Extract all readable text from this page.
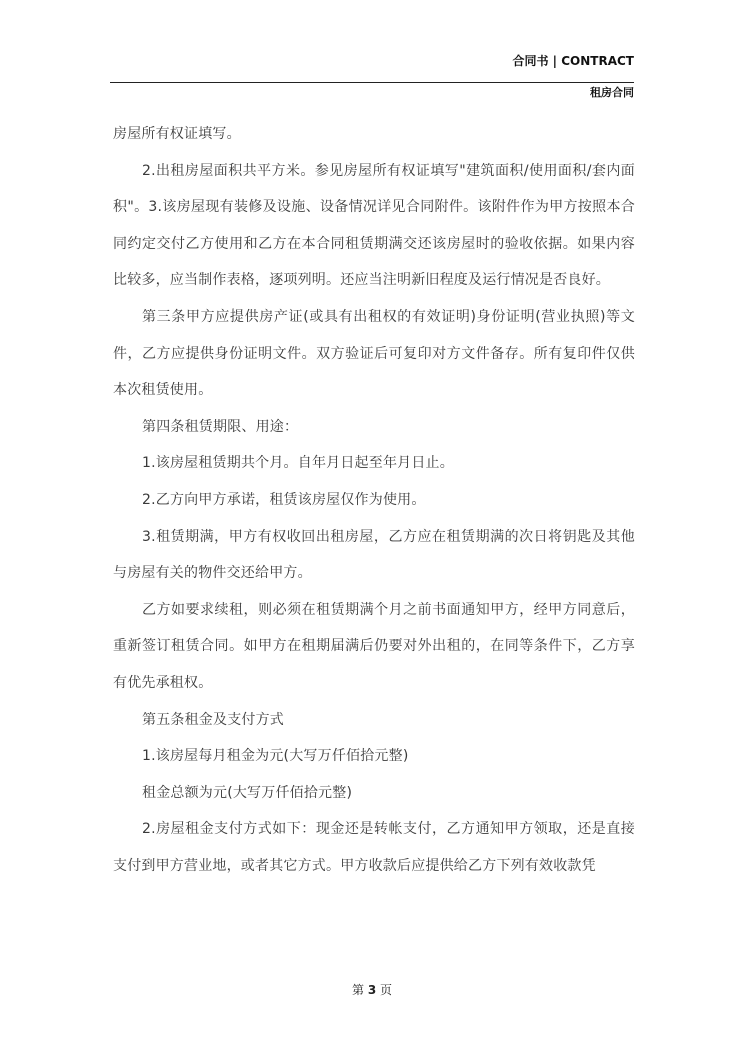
合同书 | CONTRACT
租房合同

房屋所有权证填写。

2.出租房屋面积共平方米。参见房屋所有权证填写"建筑面积/使用面积/套内面积"。3.该房屋现有装修及设施、设备情况详见合同附件。该附件作为甲方按照本合同约定交付乙方使用和乙方在本合同租赁期满交还该房屋时的验收依据。如果内容比较多，应当制作表格，逐项列明。还应当注明新旧程度及运行情况是否良好。

第三条甲方应提供房产证(或具有出租权的有效证明)身份证明(营业执照)等文件，乙方应提供身份证明文件。双方验证后可复印对方文件备存。所有复印件仅供本次租赁使用。

第四条租赁期限、用途：

1.该房屋租赁期共个月。自年月日起至年月日止。

2.乙方向甲方承诺，租赁该房屋仅作为使用。

3.租赁期满，甲方有权收回出租房屋，乙方应在租赁期满的次日将钥匙及其他与房屋有关的物件交还给甲方。

乙方如要求续租，则必须在租赁期满个月之前书面通知甲方，经甲方同意后，重新签订租赁合同。如甲方在租期届满后仍要对外出租的，在同等条件下，乙方享有优先承租权。

第五条租金及支付方式

1.该房屋每月租金为元(大写万仟佰拾元整)

租金总额为元(大写万仟佰拾元整)

2.房屋租金支付方式如下：现金还是转帐支付，乙方通知甲方领取，还是直接支付到甲方营业地，或者其它方式。甲方收款后应提供给乙方下列有效收款凭

第 3 页
